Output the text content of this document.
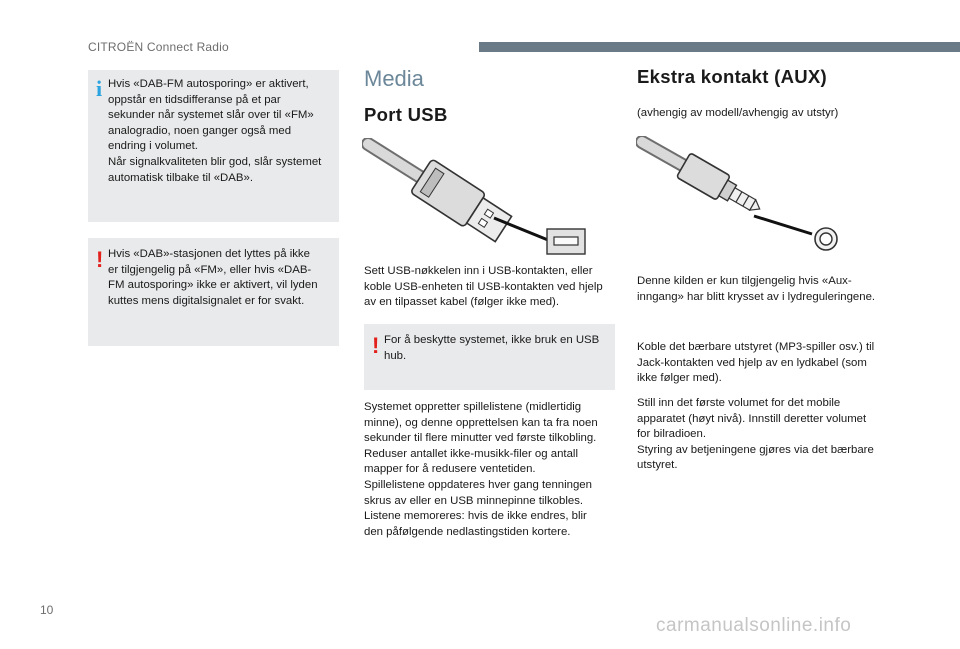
CITROËN Connect Radio
i Hvis «DAB-FM autosporing» er aktivert,
oppstår en tidsdifferanse på et par
sekunder når systemet slår over til «FM»
analogradio, noen ganger også med
endring i volumet.
Når signalkvaliteten blir god, slår systemet
automatisk tilbake til «DAB».

! Hvis «DAB»-stasjonen det lyttes på ikke
er tilgjengelig på «FM», eller hvis «DAB-
FM autosporing» ikke er aktivert, vil lyden
kuttes mens digitalsignalet er for svakt.

Media
Port USB

Sett USB-nøkkelen inn i USB-kontakten, eller
koble USB-enheten til USB-kontakten ved hjelp
av en tilpasset kabel (følger ikke med).

! For å beskytte systemet, ikke bruk en USB
hub.

Systemet oppretter spillelistene (midlertidig
minne), og denne opprettelsen kan ta fra noen
sekunder til flere minutter ved første tilkobling.
Reduser antallet ikke-musikk-filer og antall
mapper for å redusere ventetiden.
Spillelistene oppdateres hver gang tenningen
skrus av eller en USB minnepinne tilkobles.
Listene memoreres: hvis de ikke endres, blir
den påfølgende nedlastingstiden kortere.

Ekstra kontakt (AUX)

(avhengig av modell/avhengig av utstyr)

Denne kilden er kun tilgjengelig hvis «Aux-
inngang» har blitt krysset av i lydreguleringene.

Koble det bærbare utstyret (MP3-spiller osv.) til
Jack-kontakten ved hjelp av en lydkabel (som
ikke følger med).

Still inn det første volumet for det mobile
apparatet (høyt nivå). Innstill deretter volumet
for bilradioen.
Styring av betjeningene gjøres via det bærbare
utstyret.

10
carmanualsonline.info
